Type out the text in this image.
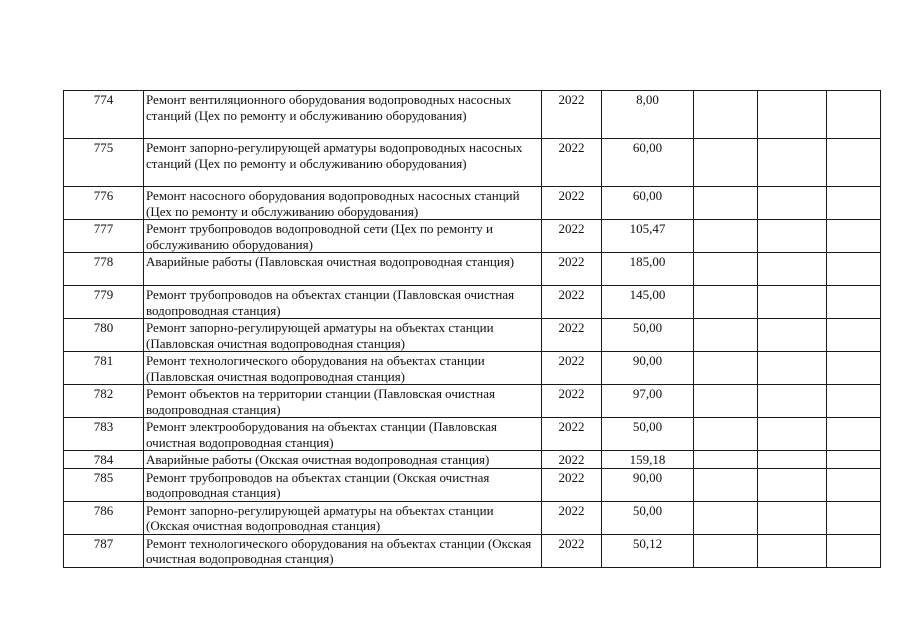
774	Ремонт вентиляционного оборудования водопроводных насосных станций (Цех по ремонту и обслуживанию оборудования)	2022	8,00			
775	Ремонт запорно-регулирующей арматуры водопроводных насосных станций (Цех по ремонту и обслуживанию оборудования)	2022	60,00			
776	Ремонт насосного оборудования водопроводных насосных станций (Цех по ремонту и обслуживанию оборудования)	2022	60,00			
777	Ремонт трубопроводов водопроводной сети (Цех по ремонту и обслуживанию оборудования)	2022	105,47			
778	Аварийные работы (Павловская очистная водопроводная станция)	2022	185,00			
779	Ремонт трубопроводов на объектах станции (Павловская очистная водопроводная станция)	2022	145,00			
780	Ремонт запорно-регулирующей арматуры на объектах станции (Павловская очистная водопроводная станция)	2022	50,00			
781	Ремонт технологического оборудования на объектах станции (Павловская очистная водопроводная станция)	2022	90,00			
782	Ремонт объектов на территории станции (Павловская очистная водопроводная станция)	2022	97,00			
783	Ремонт электрооборудования на объектах станции (Павловская очистная водопроводная станция)	2022	50,00			
784	Аварийные работы (Окская очистная водопроводная станция)	2022	159,18			
785	Ремонт трубопроводов на объектах станции (Окская очистная водопроводная станция)	2022	90,00			
786	Ремонт запорно-регулирующей арматуры на объектах станции (Окская очистная водопроводная станция)	2022	50,00			
787	Ремонт технологического оборудования на объектах станции (Окская очистная водопроводная станция)	2022	50,12			
